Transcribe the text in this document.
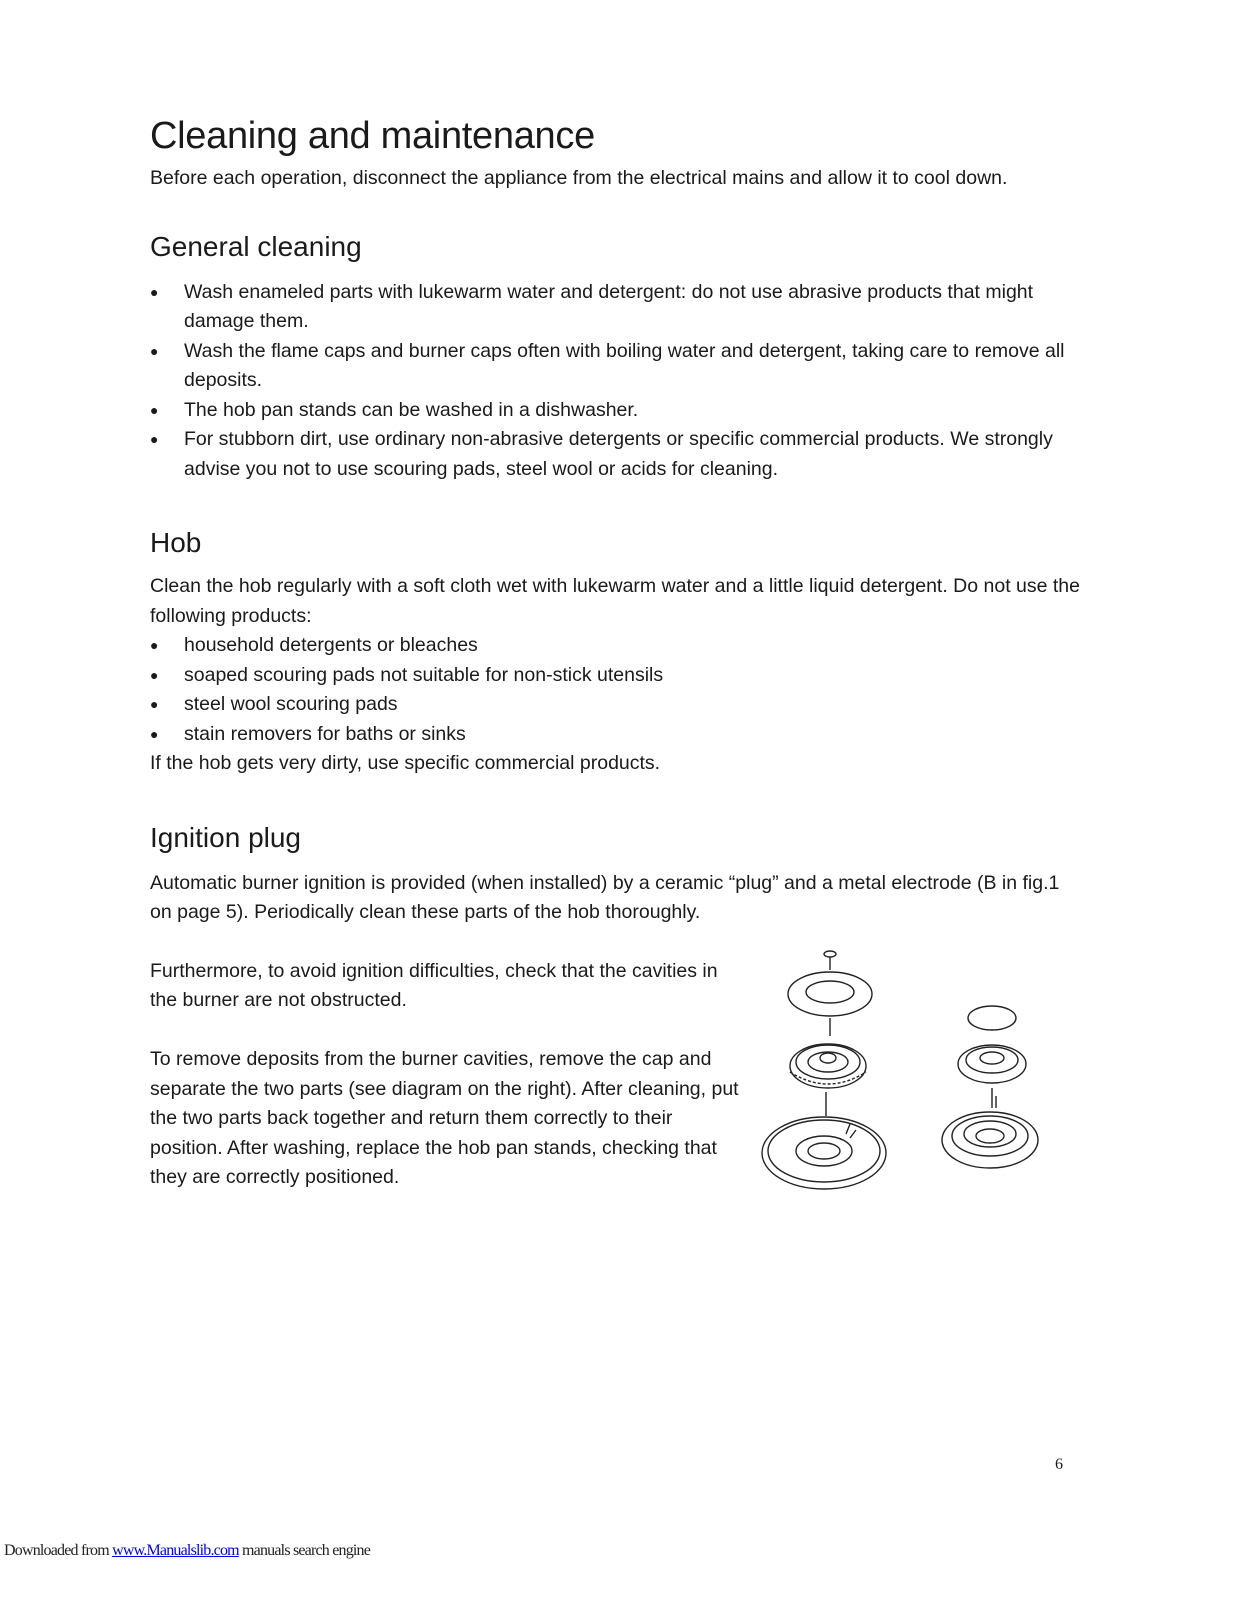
Cleaning and maintenance

Before each operation, disconnect the appliance from the electrical mains and allow it to cool down.

General cleaning
● Wash enameled parts with lukewarm water and detergent: do not use abrasive products that might damage them.
● Wash the flame caps and burner caps often with boiling water and detergent, taking care to remove all deposits.
● The hob pan stands can be washed in a dishwasher.
● For stubborn dirt, use ordinary non-abrasive detergents or specific commercial products. We strongly advise you not to use scouring pads, steel wool or acids for cleaning.
Hob

Clean the hob regularly with a soft cloth wet with lukewarm water and a little liquid detergent. Do not use the following products:

● household detergents or bleaches
● soaped scouring pads not suitable for non-stick utensils
● steel wool scouring pads
● stain removers for baths or sinks

If the hob gets very dirty, use specific commercial products.

Ignition plug

Automatic burner ignition is provided (when installed) by a ceramic “plug” and a metal electrode (B in fig.1 on page 5). Periodically clean these parts of the hob thoroughly.

Furthermore, to avoid ignition difficulties, check that the cavities in the burner are not obstructed.

To remove deposits from the burner cavities, remove the cap and separate the two parts (see diagram on the right). After cleaning, put the two parts back together and return them correctly to their position. After washing, replace the hob pan stands, checking that they are correctly positioned.

6
Downloaded from www.Manualslib.com manuals search engine
